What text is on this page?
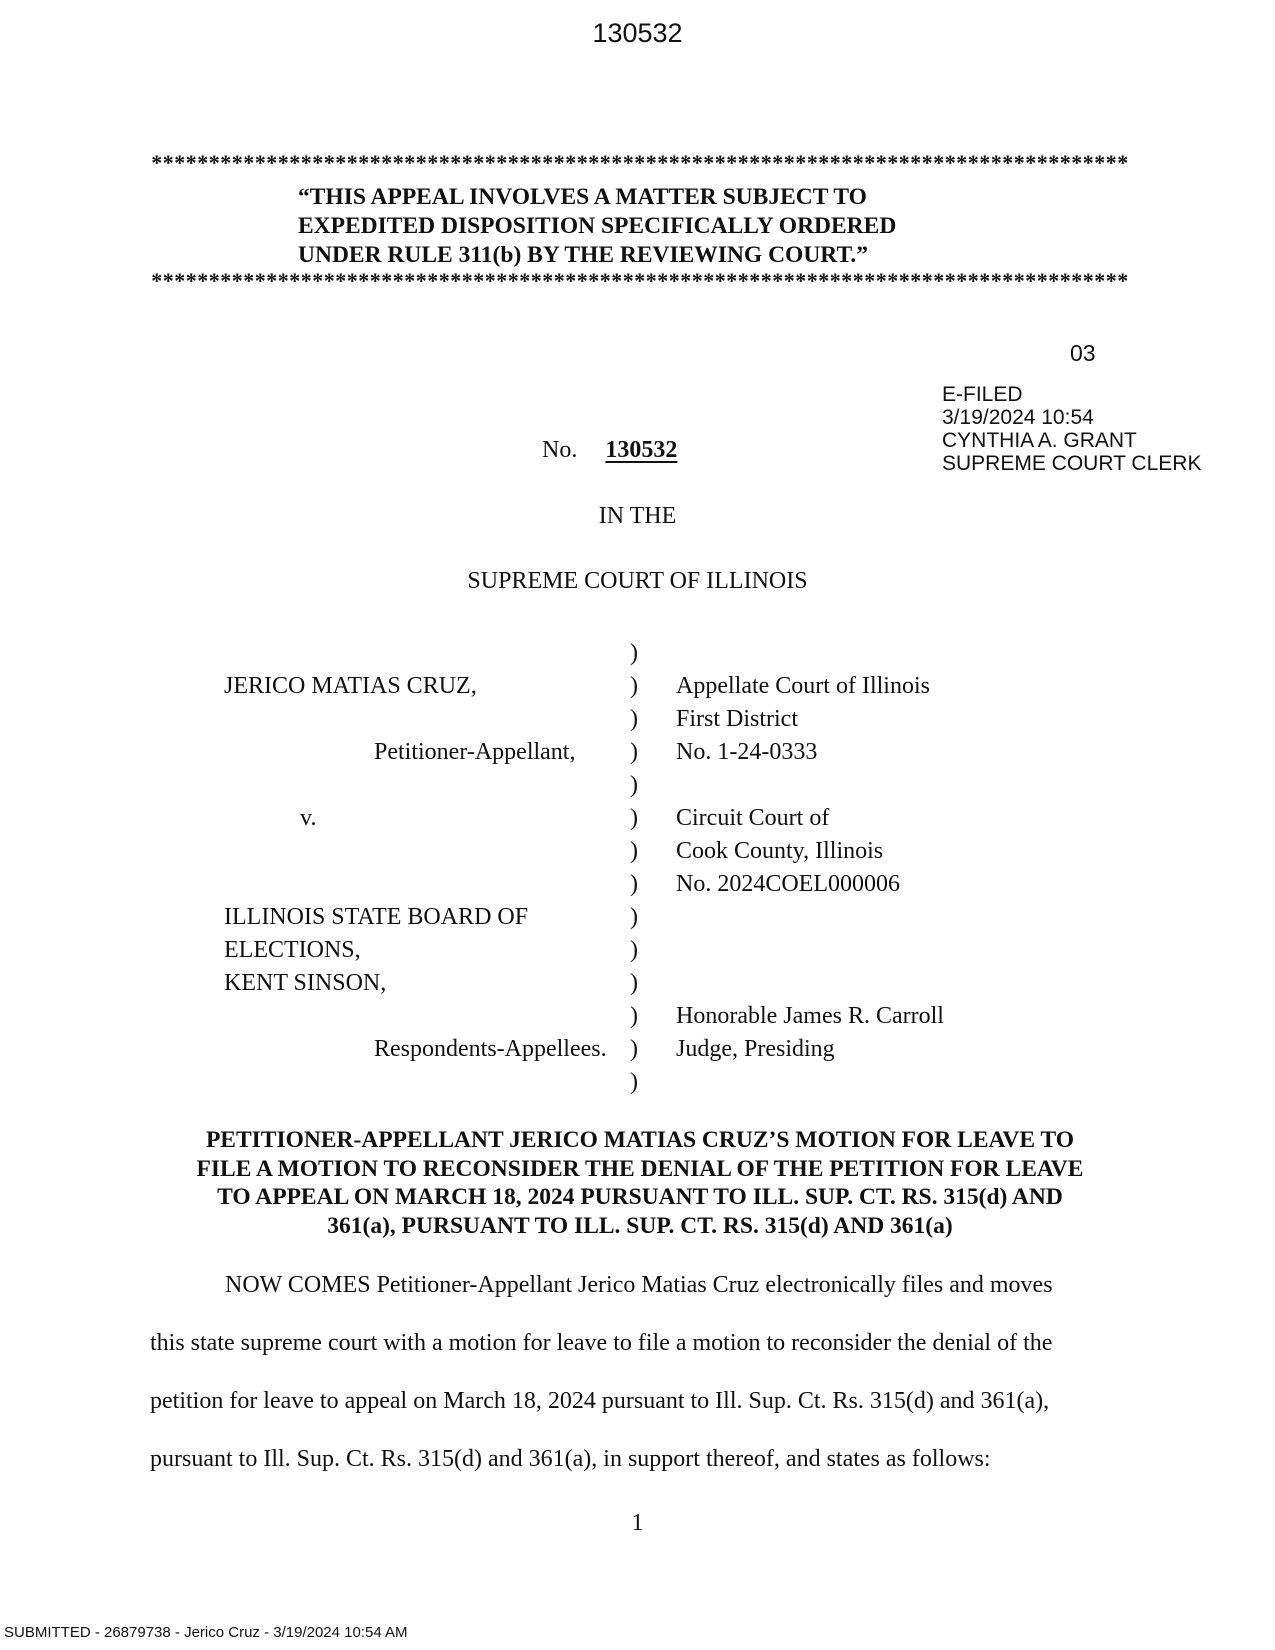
130532
*************************************************************************************
“THIS APPEAL INVOLVES A MATTER SUBJECT TO
EXPEDITED DISPOSITION SPECIFICALLY ORDERED
UNDER RULE 311(b) BY THE REVIEWING COURT.”
*************************************************************************************
03
E-FILED
3/19/2024 10:54
CYNTHIA A. GRANT
SUPREME COURT CLERK
No. 130532
IN THE
SUPREME COURT OF ILLINOIS
JERICO MATIAS CRUZ,
Petitioner-Appellant,
v.
ILLINOIS STATE BOARD OF
ELECTIONS,
KENT SINSON,
Respondents-Appellees.
)
)
)
)
)
)
)
)
)
)
)
)
)
)
Appellate Court of Illinois
First District
No. 1-24-0333
Circuit Court of
Cook County, Illinois
No. 2024COEL000006
Honorable James R. Carroll
Judge, Presiding
PETITIONER-APPELLANT JERICO MATIAS CRUZ’S MOTION FOR LEAVE TO
FILE A MOTION TO RECONSIDER THE DENIAL OF THE PETITION FOR LEAVE
TO APPEAL ON MARCH 18, 2024 PURSUANT TO ILL. SUP. CT. RS. 315(d) AND
361(a), PURSUANT TO ILL. SUP. CT. RS. 315(d) AND 361(a)
NOW COMES Petitioner-Appellant Jerico Matias Cruz electronically files and moves
this state supreme court with a motion for leave to file a motion to reconsider the denial of the
petition for leave to appeal on March 18, 2024 pursuant to Ill. Sup. Ct. Rs. 315(d) and 361(a),
pursuant to Ill. Sup. Ct. Rs. 315(d) and 361(a), in support thereof, and states as follows:
1
SUBMITTED - 26879738 - Jerico Cruz - 3/19/2024 10:54 AM
